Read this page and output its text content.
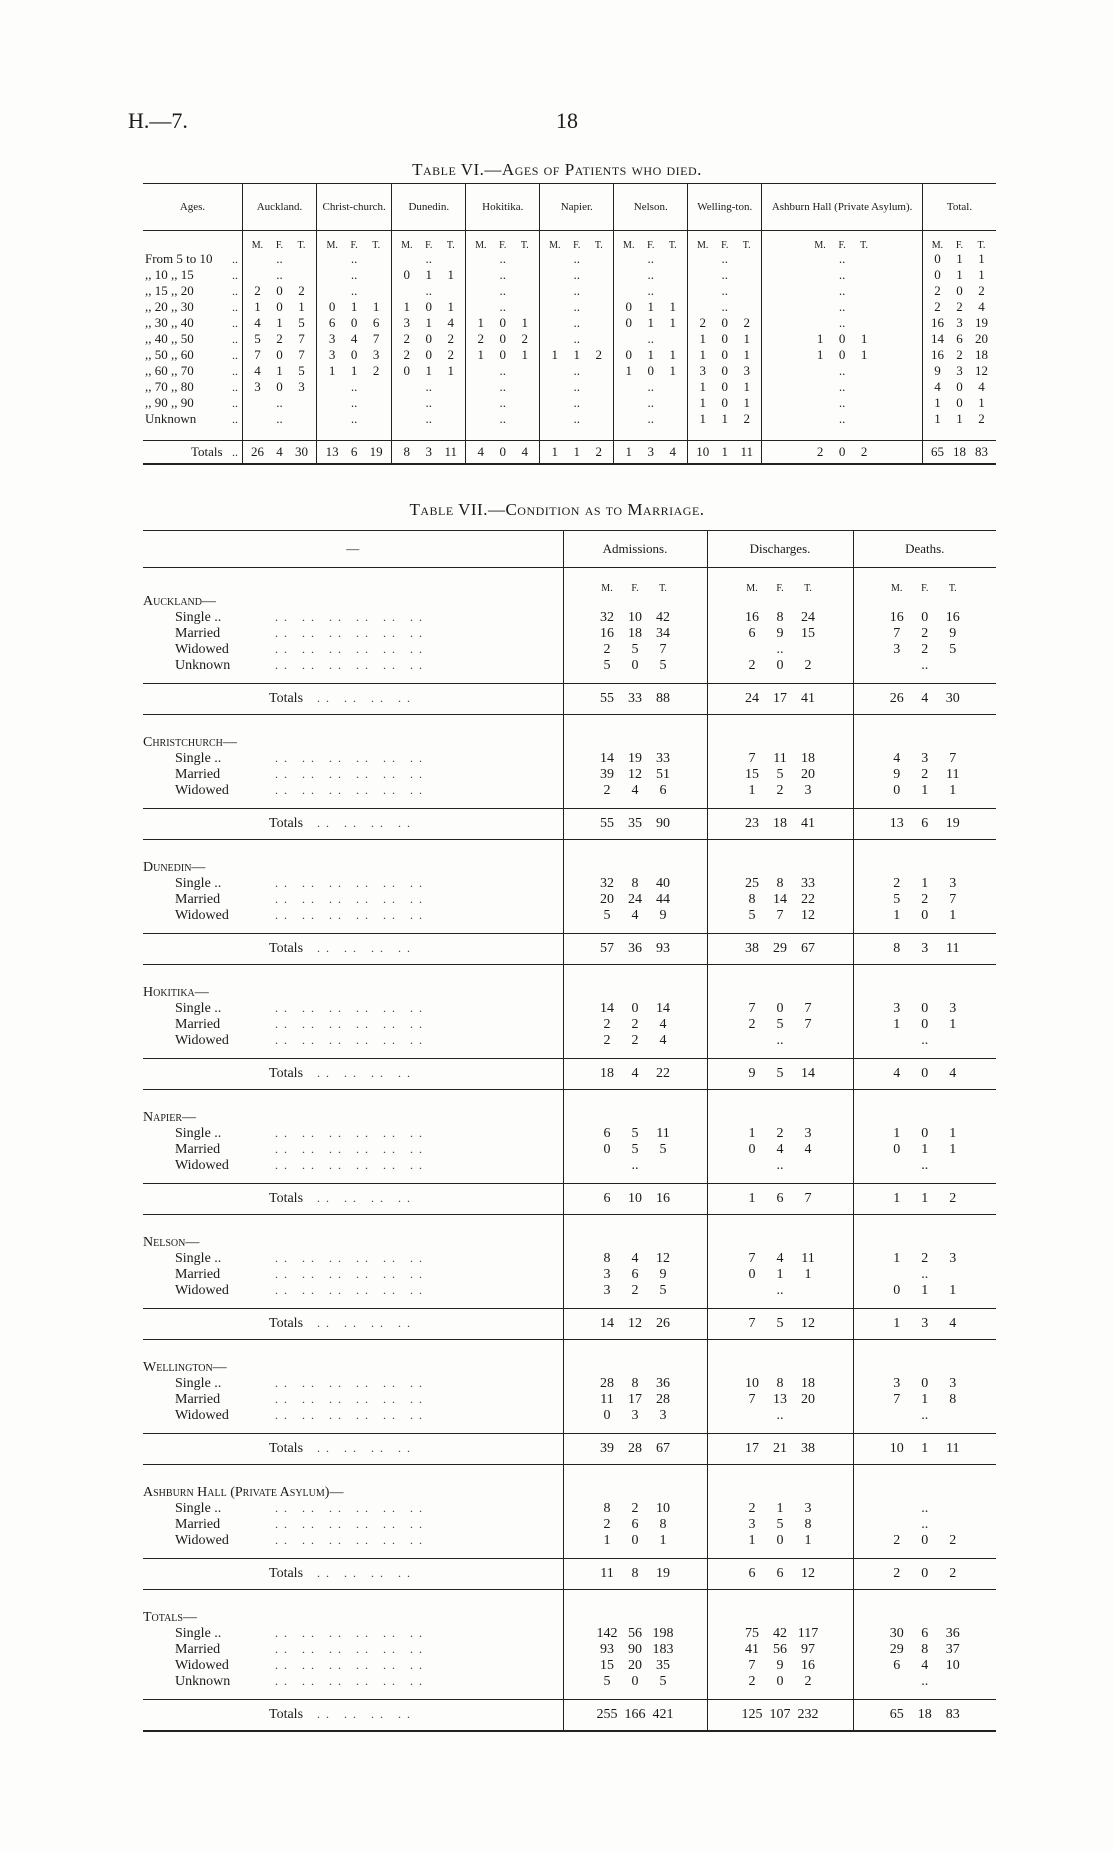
H.—7.	18
Table VI.—Ages of Patients who died.
Ages.		Auckland.	Christ-church.	Dunedin.	Hokitika.	Napier.	Nelson.	Welling-ton.	Ashburn Hall (Private Asylum).	Total.
		M. F. T.	M. F. T.	M. F. T.	M. F. T.	M. F. T.	M. F. T.	M. F. T.	M. F. T.	M. F. T.
From 5 to 10	..	..	..	..	..	..	..	..	..	0 1 1
,, 10 ,, 15	..	..	..	0 1 1	..	..	..	..	..	0 1 1
,, 15 ,, 20	..	2 0 2	..	..	..	..	..	..	..	2 0 2
,, 20 ,, 30	..	1 0 1	0 1 1	1 0 1	..	..	0 1 1	..	..	2 2 4
,, 30 ,, 40	..	4 1 5	6 0 6	3 1 4	1 0 1	..	0 1 1	2 0 2	..	16 3 19
,, 40 ,, 50	..	5 2 7	3 4 7	2 0 2	2 0 2	..	..	1 0 1	1 0 1	14 6 20
,, 50 ,, 60	..	7 0 7	3 0 3	2 0 2	1 0 1	1 1 2	0 1 1	1 0 1	1 0 1	16 2 18
,, 60 ,, 70	..	4 1 5	1 1 2	0 1 1	..	..	1 0 1	3 0 3	..	9 3 12
,, 70 ,, 80	..	3 0 3	..	..	..	..	..	1 0 1	..	4 0 4
,, 90 ,, 90	..	..	..	..	..	..	..	1 0 1	..	1 0 1
Unknown	..	..	..	..	..	..	..	1 1 2	..	1 1 2

Totals	..	26 4 30	13 6 19	8 3 11	4 0 4	1 1 2	1 3 4	10 1 11	2 0 2	65 18 83
Table VII.—Condition as to Marriage.
—	Admissions.	Discharges.	Deaths.
	M. F. T.	M. F. T.	M. F. T.
Auckland—			
Single .. .. .. .. .. .. ..	32 10 42	16 8 24	16 0 16
Married .. .. .. .. .. ..	16 18 34	6 9 15	7 2 9
Widowed .. .. .. .. .. ..	2 5 7	..	3 2 5
Unknown .. .. .. .. .. ..	5 0 5	2 0 2	..

Totals .. .. .. ..	55 33 88	24 17 41	26 4 30

Christchurch—			
Single .. .. .. .. .. .. ..	14 19 33	7 11 18	4 3 7
Married .. .. .. .. .. ..	39 12 51	15 5 20	9 2 11
Widowed .. .. .. .. .. ..	2 4 6	1 2 3	0 1 1

Totals .. .. .. ..	55 35 90	23 18 41	13 6 19

Dunedin—			
Single .. .. .. .. .. .. ..	32 8 40	25 8 33	2 1 3
Married .. .. .. .. .. ..	20 24 44	8 14 22	5 2 7
Widowed .. .. .. .. .. ..	5 4 9	5 7 12	1 0 1

Totals .. .. .. ..	57 36 93	38 29 67	8 3 11

Hokitika—			
Single .. .. .. .. .. .. ..	14 0 14	7 0 7	3 0 3
Married .. .. .. .. .. ..	2 2 4	2 5 7	1 0 1
Widowed .. .. .. .. .. ..	2 2 4	..	..

Totals .. .. .. ..	18 4 22	9 5 14	4 0 4

Napier—			
Single .. .. .. .. .. .. ..	6 5 11	1 2 3	1 0 1
Married .. .. .. .. .. ..	0 5 5	0 4 4	0 1 1
Widowed .. .. .. .. .. ..	..	..	..

Totals .. .. .. ..	6 10 16	1 6 7	1 1 2

Nelson—			
Single .. .. .. .. .. .. ..	8 4 12	7 4 11	1 2 3
Married .. .. .. .. .. ..	3 6 9	0 1 1	..
Widowed .. .. .. .. .. ..	3 2 5	..	0 1 1

Totals .. .. .. ..	14 12 26	7 5 12	1 3 4

Wellington—			
Single .. .. .. .. .. .. ..	28 8 36	10 8 18	3 0 3
Married .. .. .. .. .. ..	11 17 28	7 13 20	7 1 8
Widowed .. .. .. .. .. ..	0 3 3	..	..

Totals .. .. .. ..	39 28 67	17 21 38	10 1 11

Ashburn Hall (Private Asylum)—			
Single .. .. .. .. .. .. ..	8 2 10	2 1 3	..
Married .. .. .. .. .. ..	2 6 8	3 5 8	..
Widowed .. .. .. .. .. ..	1 0 1	1 0 1	2 0 2

Totals .. .. .. ..	11 8 19	6 6 12	2 0 2

Totals—			
Single .. .. .. .. .. .. ..	142 56 198	75 42 117	30 6 36
Married .. .. .. .. .. ..	93 90 183	41 56 97	29 8 37
Widowed .. .. .. .. .. ..	15 20 35	7 9 16	6 4 10
Unknown .. .. .. .. .. ..	5 0 5	2 0 2	..

Totals .. .. .. ..	255 166 421	125 107 232	65 18 83
